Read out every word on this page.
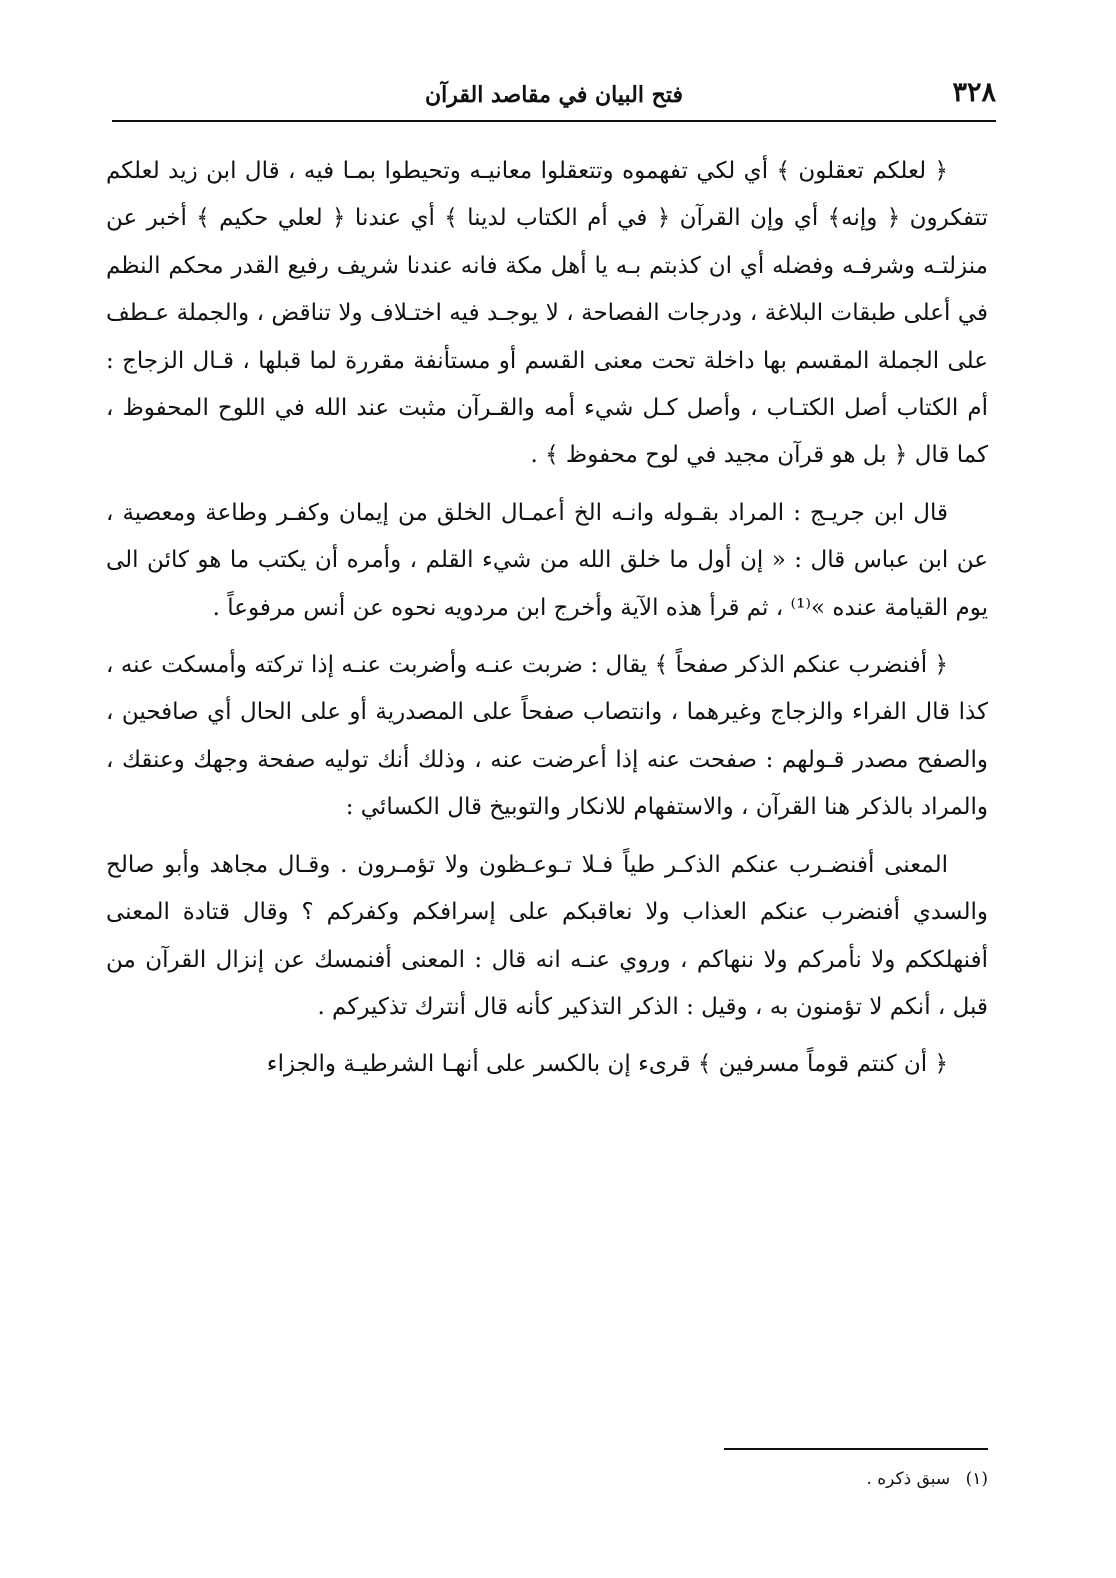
٣٢٨
فتح البيان في مقاصد القرآن

﴿ لعلكم تعقلون ﴾ أي لكي تفهموه وتتعقلوا معانيـه وتحيطوا بمـا فيه ، قال ابن زيد لعلكم تتفكرون ﴿ وإنه﴾ أي وإن القرآن ﴿ في أم الكتاب لدينا ﴾ أي عندنا ﴿ لعلي حكيم ﴾ أخبر عن منزلتـه وشرفـه وفضله أي ان كذبتم بـه يا أهل مكة فانه عندنا شريف رفيع القدر محكم النظم في أعلى طبقات البلاغة ، ودرجات الفصاحة ، لا يوجـد فيه اختـلاف ولا تناقض ، والجملة عـطف على الجملة المقسم بها داخلة تحت معنى القسم أو مستأنفة مقررة لما قبلها ، قـال الزجاج : أم الكتاب أصل الكتـاب ، وأصل كـل شيء أمه والقـرآن مثبت عند الله في اللوح المحفوظ ، كما قال ﴿ بل هو قرآن مجيد في لوح محفوظ ﴾ .

قال ابن جريـج : المراد بقـوله وانـه الخ أعمـال الخلق من إيمان وكفـر وطاعة ومعصية ، عن ابن عباس قال : « إن أول ما خلق الله من شيء القلم ، وأمره أن يكتب ما هو كائن الى يوم القيامة عنده »⁽¹⁾ ، ثم قرأ هذه الآية وأخرج ابن مردويه نحوه عن أنس مرفوعاً .

﴿ أفنضرب عنكم الذكر صفحاً ﴾ يقال : ضربت عنـه وأضربت عنـه إذا تركته وأمسكت عنه ، كذا قال الفراء والزجاج وغيرهما ، وانتصاب صفحاً على المصدرية أو على الحال أي صافحين ، والصفح مصدر قـولهم : صفحت عنه إذا أعرضت عنه ، وذلك أنك توليه صفحة وجهك وعنقك ، والمراد بالذكر هنا القرآن ، والاستفهام للانكار والتوبيخ قال الكسائي :

المعنى أفنضـرب عنكم الذكـر طياً فـلا تـوعـظون ولا تؤمـرون . وقـال مجاهد وأبو صالح والسدي أفنضرب عنكم العذاب ولا نعاقبكم على إسرافكم وكفركم ؟ وقال قتادة المعنى أفنهلككم ولا نأمركم ولا ننهاكم ، وروي عنـه انه قال : المعنى أفنمسك عن إنزال القرآن من قبل ، أنكم لا تؤمنون به ، وقيل : الذكر التذكير كأنه قال أنترك تذكيركم .

﴿ أن كنتم قوماً مسرفين ﴾ قرىء إن بالكسر على أنهـا الشرطيـة والجزاء

(١) سبق ذكره .
